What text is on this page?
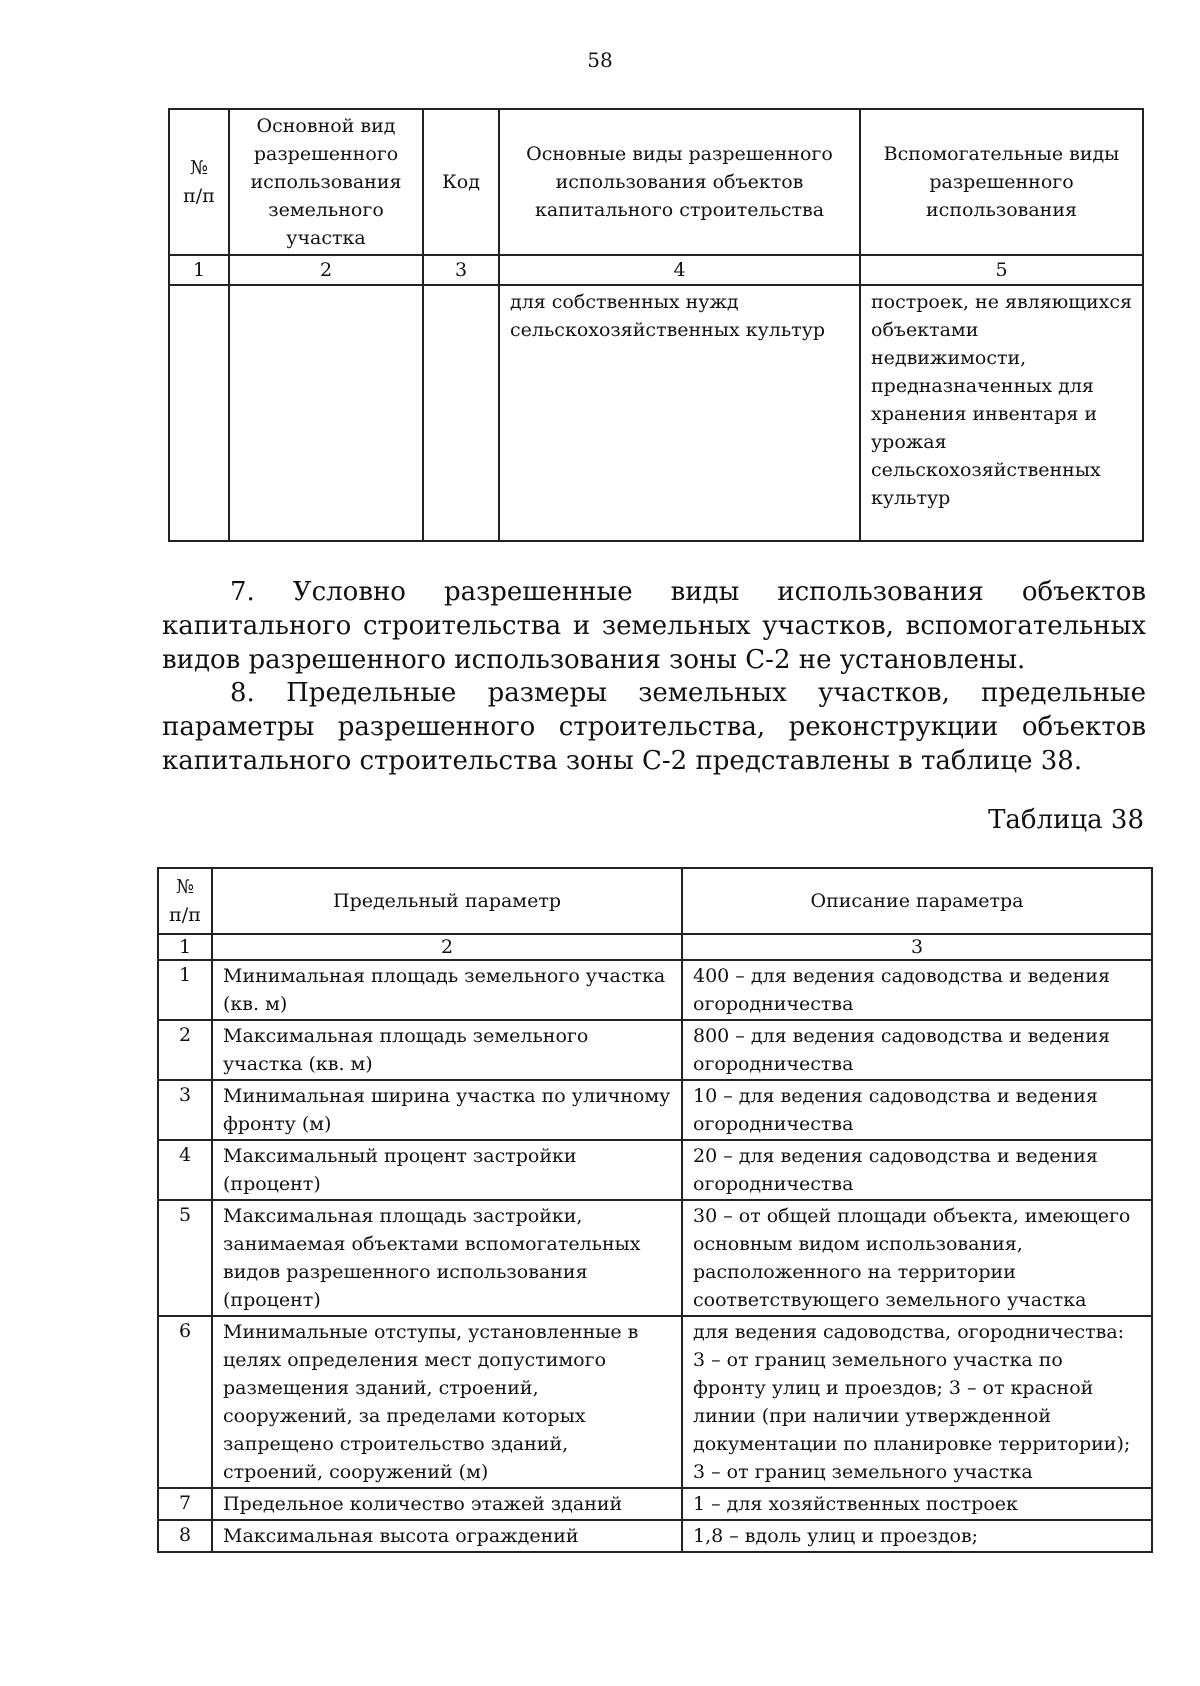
58
№ п/п	Основной вид разрешенного использования земельного участка	Код	Основные виды разрешенного использования объектов капитального строительства	Вспомогательные виды разрешенного использования
1	2	3	4	5
			для собственных нужд сельскохозяйственных культур	построек, не являющихся объектами недвижимости, предназначенных для хранения инвентаря и урожая сельскохозяйственных культур
7. Условно разрешенные виды использования объектов капитального строительства и земельных участков, вспомогательных видов разрешенного использования зоны С-2 не установлены.
8. Предельные размеры земельных участков, предельные параметры разрешенного строительства, реконструкции объектов капитального строительства зоны С-2 представлены в таблице 38.
Таблица 38
№ п/п	Предельный параметр	Описание параметра
1	2	3
1	Минимальная площадь земельного участка (кв. м)	400 – для ведения садоводства и ведения огородничества
2	Максимальная площадь земельного участка (кв. м)	800 – для ведения садоводства и ведения огородничества
3	Минимальная ширина участка по уличному фронту (м)	10 – для ведения садоводства и ведения огородничества
4	Максимальный процент застройки (процент)	20 – для ведения садоводства и ведения огородничества
5	Максимальная площадь застройки, занимаемая объектами вспомогательных видов разрешенного использования (процент)	30 – от общей площади объекта, имеющего основным видом использования, расположенного на территории соответствующего земельного участка
6	Минимальные отступы, установленные в целях определения мест допустимого размещения зданий, строений, сооружений, за пределами которых запрещено строительство зданий, строений, сооружений (м)	для ведения садоводства, огородничества: 3 – от границ земельного участка по фронту улиц и проездов; 3 – от красной линии (при наличии утвержденной документации по планировке территории); 3 – от границ земельного участка
7	Предельное количество этажей зданий	1 – для хозяйственных построек
8	Максимальная высота ограждений	1,8 – вдоль улиц и проездов;
